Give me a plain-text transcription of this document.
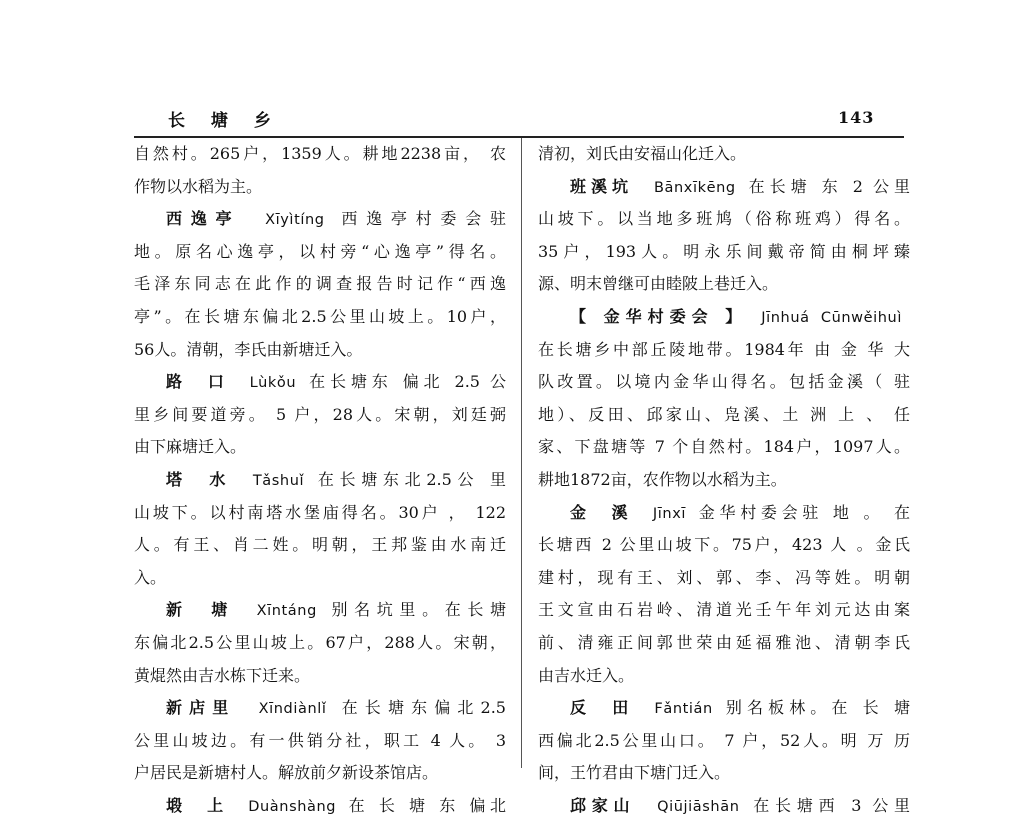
长 塘 乡	143
自然村。265户，1359人。耕地2238亩， 农
作物以水稻为主。
西逸亭　 Xīyìtíng  西逸亭村委会驻
地。原名心逸亭，以村旁“心逸亭”得名。
毛泽东同志在此作的调查报告时记作“西逸
亭”。在长塘东偏北2.5公里山坡上。10户，
56人。清朝，李氏由新塘迁入。
路　口　 Lùkǒu  在长塘东 偏北 2.5 公
里乡间要道旁。 5 户，28人。宋朝，刘廷弼
由下麻塘迁入。
塔　水　 Tǎshuǐ  在长塘东北2.5公 里
山坡下。以村南塔水堡庙得名。30户 ， 122
人。有王、肖二姓。明朝，王邦鉴由水南迁
入。
新　塘　 Xīntáng  别名坑里。在长塘
东偏北2.5公里山坡上。67户，288人。宋朝，
黄焜然由吉水栋下迁来。
新店里　 Xīndiànlǐ  在长塘东偏北2.5
公里山坡边。有一供销分社，职工 4 人。 3
户居民是新塘村人。解放前夕新设茶馆店。
塅　上　 Duànshàng  在 长 塘 东 偏北
清初，刘氏由安福山化迁入。
班溪坑　 Bānxīkēng  在长塘 东 2 公里
山坡下。以当地多班鸠（俗称班鸡）得名。
35户，193人。明永乐间戴帝简由桐坪臻
源、明末曾继可由睦陂上巷迁入。
【 金华村委会 】　 Jīnhuá Cūnwěihuì 
在长塘乡中部丘陵地带。1984年 由 金 华 大
队改置。以境内金华山得名。包括金溪（ 驻
地）、反田、邱家山、凫溪、土 洲 上 、 任
家、下盘塘等 7 个自然村。184户，1097人。
耕地1872亩，农作物以水稻为主。
金　溪　 Jīnxī  金华村委会驻 地 。 在
长塘西 2 公里山坡下。75户，423 人 。金氏
建村，现有王、刘、郭、李、冯等姓。明朝
王文宣由石岩岭、清道光壬午年刘元达由案
前、清雍正间郭世荣由延福雅池、清朝李氏
由吉水迁入。
反　田　 Fǎntián  别名板林。在 长 塘
西偏北2.5公里山口。 7 户，52人。明 万 历
间，王竹君由下塘门迁入。
邱家山　 Qiūjiāshān  在长塘西 3 公里
